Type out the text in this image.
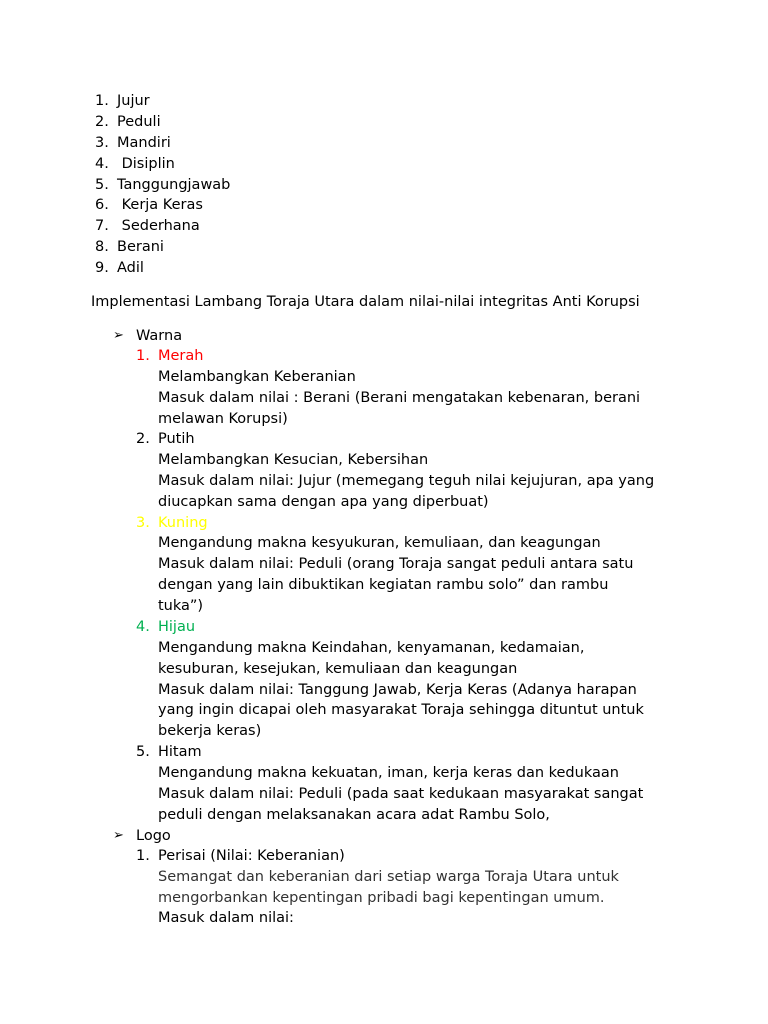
1. Jujur
2. Peduli
3. Mandiri
4. Disiplin
5. Tanggungjawab
6. Kerja Keras
7. Sederhana
8. Berani
9. Adil
Implementasi Lambang Toraja Utara dalam nilai-nilai integritas Anti Korupsi
➢ Warna
1. Merah
Melambangkan Keberanian
Masuk dalam nilai : Berani (Berani mengatakan kebenaran, berani
melawan Korupsi)
2. Putih
Melambangkan Kesucian, Kebersihan
Masuk dalam nilai: Jujur (memegang teguh nilai kejujuran, apa yang
diucapkan sama dengan apa yang diperbuat)
3. Kuning
Mengandung makna kesyukuran, kemuliaan, dan keagungan
Masuk dalam nilai: Peduli (orang Toraja sangat peduli antara satu
dengan yang lain dibuktikan kegiatan rambu solo” dan rambu
tuka”)
4. Hijau
Mengandung makna Keindahan, kenyamanan, kedamaian,
kesuburan, kesejukan, kemuliaan dan keagungan
Masuk dalam nilai: Tanggung Jawab, Kerja Keras (Adanya harapan
yang ingin dicapai oleh masyarakat Toraja sehingga dituntut untuk
bekerja keras)
5. Hitam
Mengandung makna kekuatan, iman, kerja keras dan kedukaan
Masuk dalam nilai: Peduli (pada saat kedukaan masyarakat sangat
peduli dengan melaksanakan acara adat Rambu Solo,
➢ Logo
1. Perisai (Nilai: Keberanian)
Semangat dan keberanian dari setiap warga Toraja Utara untuk
mengorbankan kepentingan pribadi bagi kepentingan umum.
Masuk dalam nilai:
